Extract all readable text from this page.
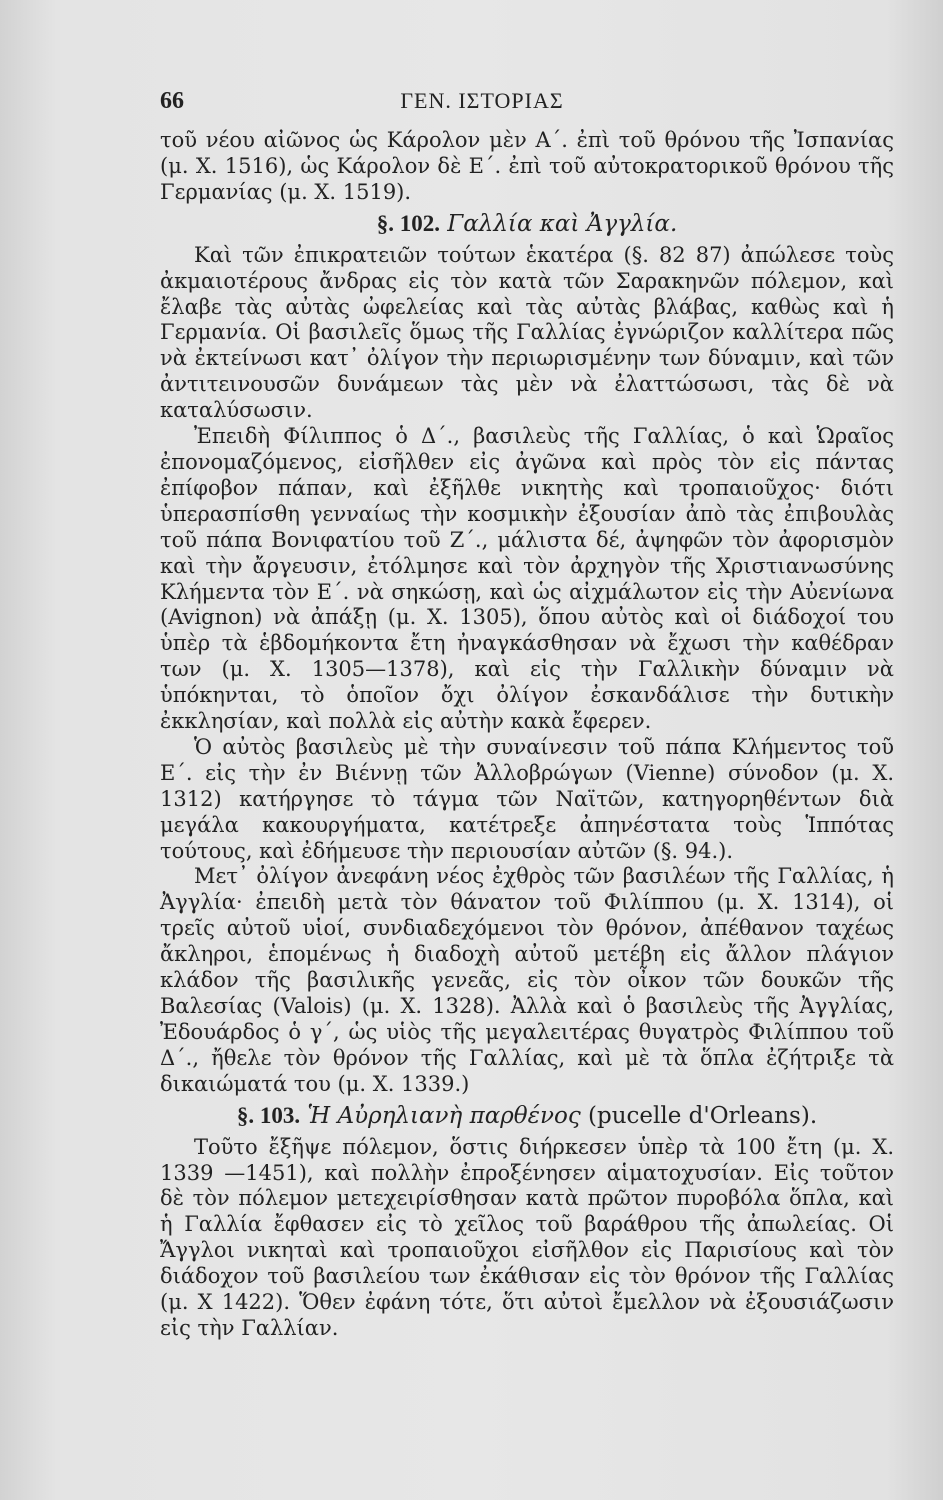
66	ΓΕΝ. ΙΣΤΟΡΙΑΣ

τοῦ νέου αἰῶνος ὡς Κάρολον μὲν Α΄. ἐπὶ τοῦ θρόνου τῆς Ἰσπανίας (μ. Χ. 1516), ὡς Κάρολον δὲ Ε΄. ἐπὶ τοῦ αὐτοκρατορικοῦ θρόνου τῆς Γερμανίας (μ. Χ. 1519).

§. 102. Γαλλία καὶ Ἀγγλία.

Καὶ τῶν ἐπικρατειῶν τούτων ἑκατέρα (§. 82 87) ἀπώλεσε τοὺς ἀκμαιοτέρους ἄνδρας εἰς τὸν κατὰ τῶν Σαρακηνῶν πόλεμον, καὶ ἔλαβε τὰς αὐτὰς ὠφελείας καὶ τὰς αὐτὰς βλάβας, καθὼς καὶ ἡ Γερμανία. Οἱ βασιλεῖς ὅμως τῆς Γαλλίας ἐγνώριζον καλλίτερα πῶς νὰ ἐκτείνωσι κατ᾽ ὀλίγον τὴν περιωρισμένην των δύναμιν, καὶ τῶν ἀντιτεινουσῶν δυνάμεων τὰς μὲν νὰ ἐλαττώσωσι, τὰς δὲ νὰ καταλύσωσιν.

Ἐπειδὴ Φίλιππος ὁ Δ΄., βασιλεὺς τῆς Γαλλίας, ὁ καὶ Ὡραῖος ἐπονομαζόμενος, εἰσῆλθεν εἰς ἀγῶνα καὶ πρὸς τὸν εἰς πάντας ἐπίφοβον πάπαν, καὶ ἐξῆλθε νικητὴς καὶ τροπαιοῦχος· διότι ὑπερασπίσθη γενναίως τὴν κοσμικὴν ἐξουσίαν ἀπὸ τὰς ἐπιβουλὰς τοῦ πάπα Βονιφατίου τοῦ Ζ΄., μάλιστα δέ, ἀψηφῶν τὸν ἀφορισμὸν καὶ τὴν ἄργευσιν, ἐτόλμησε καὶ τὸν ἀρχηγὸν τῆς Χριστιανωσύνης Κλήμεντα τὸν Ε΄. νὰ σηκώσῃ, καὶ ὡς αἰχμάλωτον εἰς τὴν Αὐενίωνα (Avignon) νὰ ἀπάξῃ (μ. Χ. 1305), ὅπου αὐτὸς καὶ οἱ διάδοχοί του ὑπὲρ τὰ ἑβδομήκοντα ἔτη ἠναγκάσθησαν νὰ ἔχωσι τὴν καθέδραν των (μ. Χ. 1305—1378), καὶ εἰς τὴν Γαλλικὴν δύναμιν νὰ ὑπόκηνται, τὸ ὁποῖον ὄχι ὀλίγον ἐσκανδάλισε τὴν δυτικὴν ἐκκλησίαν, καὶ πολλὰ εἰς αὐτὴν κακὰ ἔφερεν.

Ὁ αὐτὸς βασιλεὺς μὲ τὴν συναίνεσιν τοῦ πάπα Κλήμεντος τοῦ Ε΄. εἰς τὴν ἐν Βιέννῃ τῶν Ἀλλοβρώγων (Vienne) σύνοδον (μ. Χ. 1312) κατήργησε τὸ τάγμα τῶν Ναϊτῶν, κατηγορηθέντων διὰ μεγάλα κακουργήματα, κατέτρεξε ἀπηνέστατα τοὺς Ἱππότας τούτους, καὶ ἐδήμευσε τὴν περιουσίαν αὐτῶν (§. 94.).

Μετ᾽ ὀλίγον ἀνεφάνη νέος ἐχθρὸς τῶν βασιλέων τῆς Γαλλίας, ἡ Ἀγγλία· ἐπειδὴ μετὰ τὸν θάνατον τοῦ Φιλίππου (μ. Χ. 1314), οἱ τρεῖς αὐτοῦ υἱοί, συνδιαδεχόμενοι τὸν θρόνον, ἀπέθανον ταχέως ἄκληροι, ἑπομένως ἡ διαδοχὴ αὐτοῦ μετέβη εἰς ἄλλον πλάγιον κλάδον τῆς βασιλικῆς γενεᾶς, εἰς τὸν οἶκον τῶν δουκῶν τῆς Βαλεσίας (Valois) (μ. Χ. 1328). Ἀλλὰ καὶ ὁ βασιλεὺς τῆς Ἀγγλίας, Ἐδουάρδος ὁ γ΄, ὡς υἱὸς τῆς μεγαλειτέρας θυγατρὸς Φιλίππου τοῦ Δ΄., ἤθελε τὸν θρόνον τῆς Γαλλίας, καὶ μὲ τὰ ὅπλα ἐζήτριξε τὰ δικαιώματά του (μ. Χ. 1339.)

§. 103. Ἡ Αὐρηλιανὴ παρθένος (pucelle d'Orleans).

Τοῦτο ἔξῆψε πόλεμον, ὅστις διήρκεσεν ὑπὲρ τὰ 100 ἔτη (μ. Χ. 1339 —1451), καὶ πολλὴν ἐπροξένησεν αἱματοχυσίαν. Εἰς τοῦτον δὲ τὸν πόλεμον μετεχειρίσθησαν κατὰ πρῶτον πυροβόλα ὅπλα, καὶ ἡ Γαλλία ἔφθασεν εἰς τὸ χεῖλος τοῦ βαράθρου τῆς ἀπωλείας. Οἱ Ἄγγλοι νικηταὶ καὶ τροπαιοῦχοι εἰσῆλθον εἰς Παρισίους καὶ τὸν διάδοχον τοῦ βασιλείου των ἐκάθισαν εἰς τὸν θρόνον τῆς Γαλλίας (μ. Χ 1422). Ὅθεν ἐφάνη τότε, ὅτι αὐτοὶ ἔμελλον νὰ ἐξουσιάζωσιν εἰς τὴν Γαλλίαν.
